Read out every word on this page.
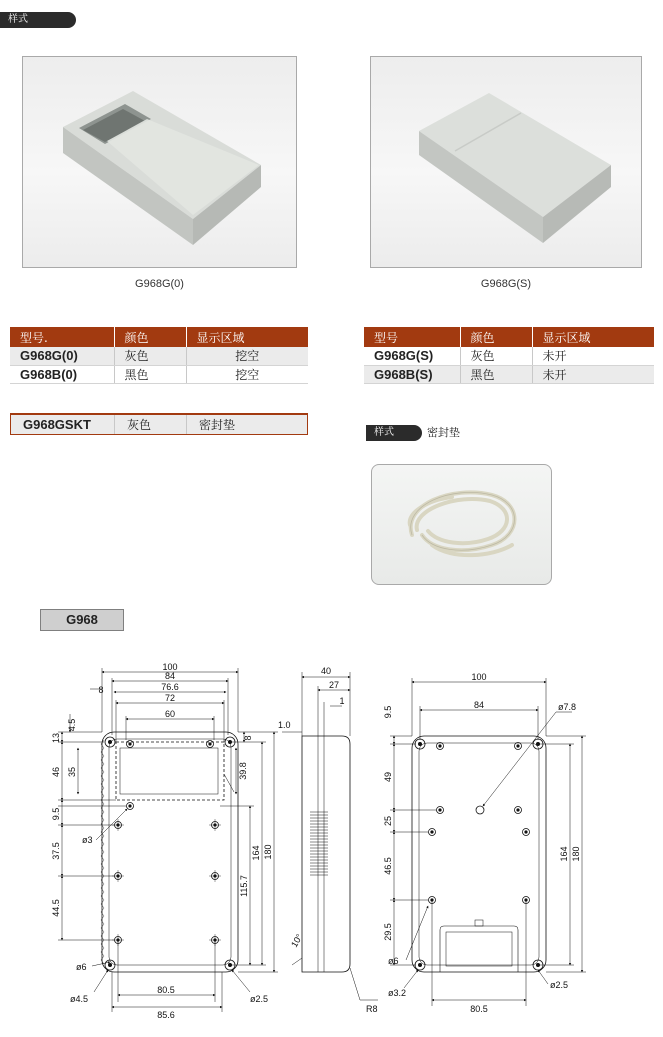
样式
G968G(0)	G968G(S)
型号.	颜色	显示区域
G968G(0)	灰色	挖空
G968B(0)	黑色	挖空
型号	颜色	显示区域
G968G(S)	灰色	未开
G968B(S)	黑色	未开
G968GSKT	灰色	密封垫
样式	密封垫
G968
100
84
76.6
72
60
8
4.5
13
46 35
9.5
37.5
44.5
8
39.8
164
115.7
180
ø3
ø6
ø4.5	ø2.5
80.5
85.6
40
27
1
1.0
10°
R8
100
84
9.5
49
25
46.5
29.5
164 180
ø7.8
ø6
ø3.2
ø2.5
80.5
